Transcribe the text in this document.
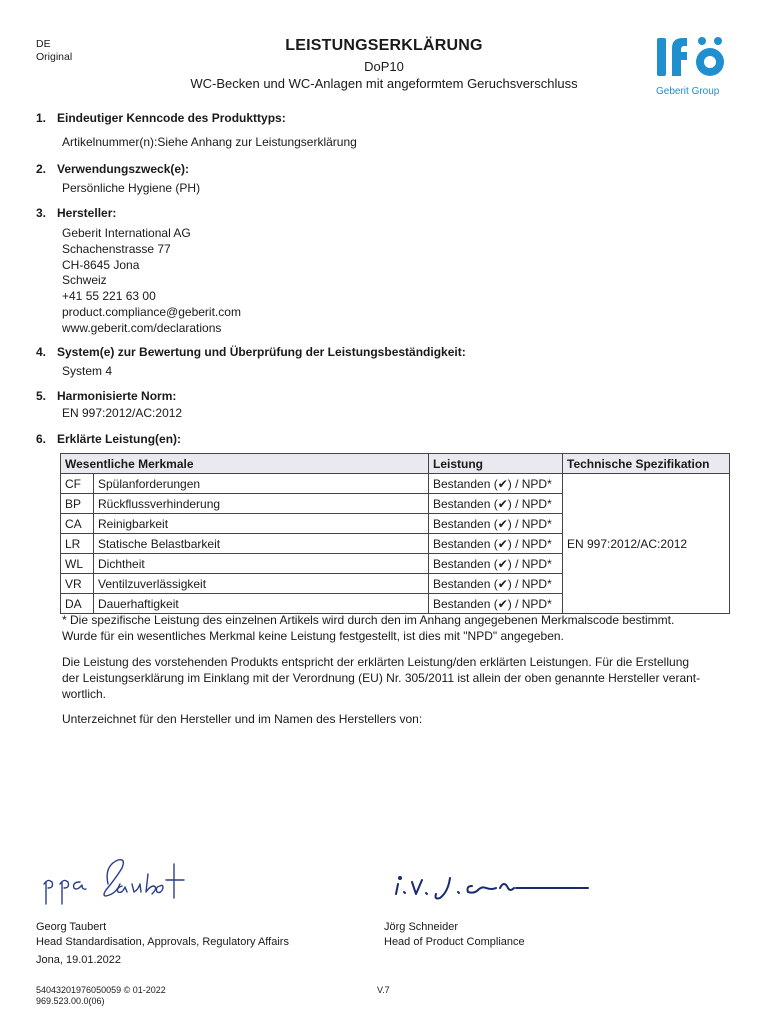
DE
Original
LEISTUNGSERKLÄRUNG
DoP10
WC-Becken und WC-Anlagen mit angeformtem Geruchsverschluss
Geberit Group
1. Eindeutiger Kenncode des Produkttyps:
Artikelnummer(n):Siehe Anhang zur Leistungserklärung
2. Verwendungszweck(e):
Persönliche Hygiene (PH)
3. Hersteller:
Geberit International AG
Schachenstrasse 77
CH-8645 Jona
Schweiz
+41 55 221 63 00
product.compliance@geberit.com
www.geberit.com/declarations
4. System(e) zur Bewertung und Überprüfung der Leistungsbeständigkeit:
System 4
5. Harmonisierte Norm:
EN 997:2012/AC:2012
6. Erklärte Leistung(en):
Wesentliche Merkmale		Leistung	Technische Spezifikation
CF	Spülanforderungen	Bestanden (✔) / NPD*	EN 997:2012/AC:2012
BP	Rückflussverhinderung	Bestanden (✔) / NPD*	
CA	Reinigbarkeit	Bestanden (✔) / NPD*	
LR	Statische Belastbarkeit	Bestanden (✔) / NPD*	
WL	Dichtheit	Bestanden (✔) / NPD*	
VR	Ventilzuverlässigkeit	Bestanden (✔) / NPD*	
DA	Dauerhaftigkeit	Bestanden (✔) / NPD*	
* Die spezifische Leistung des einzelnen Artikels wird durch den im Anhang angegebenen Merkmalscode bestimmt.
Wurde für ein wesentliches Merkmal keine Leistung festgestellt, ist dies mit "NPD" angegeben.
Die Leistung des vorstehenden Produkts entspricht der erklärten Leistung/den erklärten Leistungen. Für die Erstellung
der Leistungserklärung im Einklang mit der Verordnung (EU) Nr. 305/2011 ist allein der oben genannte Hersteller verant-
wortlich.
Unterzeichnet für den Hersteller und im Namen des Herstellers von:
Georg Taubert
Head Standardisation, Approvals, Regulatory Affairs
Jona, 19.01.2022
Jörg Schneider
Head of Product Compliance
54043201976050059 © 01-2022
969.523.00.0(06)
V.7
